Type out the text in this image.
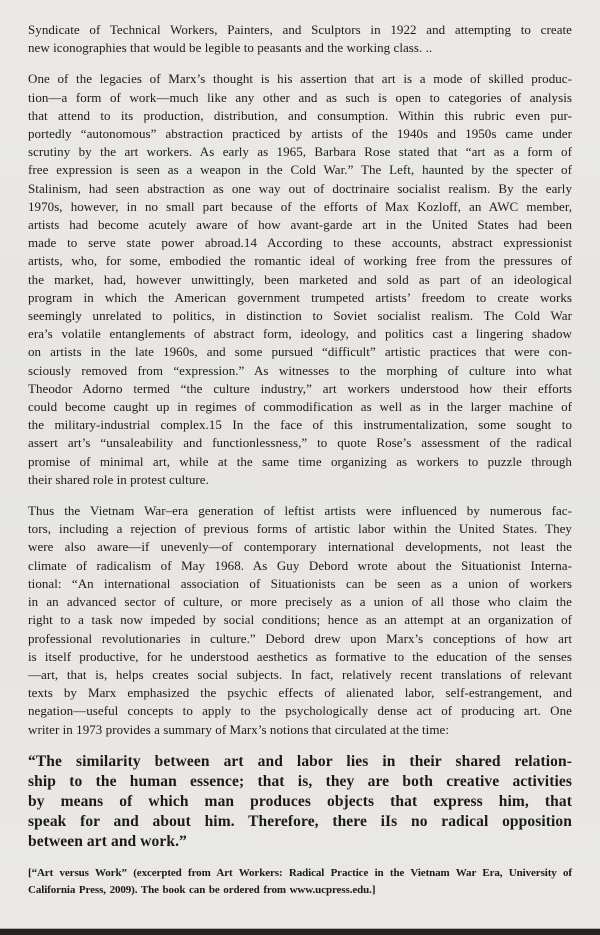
Syndicate of Technical Workers, Painters, and Sculptors in 1922 and attempting to create
new iconographies that would be legible to peasants and the working class. ..
One of the legacies of Marx’s thought is his assertion that art is a mode of skilled produc-
tion—a form of work—much like any other and as such is open to categories of analysis
that attend to its production, distribution, and consumption. Within this rubric even pur-
portedly “autonomous” abstraction practiced by artists of the 1940s and 1950s came under
scrutiny by the art workers. As early as 1965, Barbara Rose stated that “art as a form of
free expression is seen as a weapon in the Cold War.” The Left, haunted by the specter of
Stalinism, had seen abstraction as one way out of doctrinaire socialist realism. By the early
1970s, however, in no small part because of the efforts of Max Kozloff, an AWC member,
artists had become acutely aware of how avant-garde art in the United States had been
made to serve state power abroad.14 According to these accounts, abstract expressionist
artists, who, for some, embodied the romantic ideal of working free from the pressures of
the market, had, however unwittingly, been marketed and sold as part of an ideological
program in which the American government trumpeted artists’ freedom to create works
seemingly unrelated to politics, in distinction to Soviet socialist realism. The Cold War
era’s volatile entanglements of abstract form, ideology, and politics cast a lingering shadow
on artists in the late 1960s, and some pursued “difficult” artistic practices that were con-
sciously removed from “expression.” As witnesses to the morphing of culture into what
Theodor Adorno termed “the culture industry,” art workers understood how their efforts
could become caught up in regimes of commodification as well as in the larger machine of
the military-industrial complex.15 In the face of this instrumentalization, some sought to
assert art’s “unsaleability and functionlessness,” to quote Rose’s assessment of the radical
promise of minimal art, while at the same time organizing as workers to puzzle through
their shared role in protest culture.
Thus the Vietnam War–era generation of leftist artists were influenced by numerous fac-
tors, including a rejection of previous forms of artistic labor within the United States. They
were also aware—if unevenly—of contemporary international developments, not least the
climate of radicalism of May 1968. As Guy Debord wrote about the Situationist Interna-
tional: “An international association of Situationists can be seen as a union of workers
in an advanced sector of culture, or more precisely as a union of all those who claim the
right to a task now impeded by social conditions; hence as an attempt at an organization of
professional revolutionaries in culture.” Debord drew upon Marx’s conceptions of how art
is itself productive, for he understood aesthetics as formative to the education of the senses
—art, that is, helps creates social subjects. In fact, relatively recent translations of relevant
texts by Marx emphasized the psychic effects of alienated labor, self-estrangement, and
negation—useful concepts to apply to the psychologically dense act of producing art. One
writer in 1973 provides a summary of Marx’s notions that circulated at the time:
“The similarity between art and labor lies in their shared relation-
ship to the human essence; that is, they are both creative activities
by means of which man produces objects that express him, that
speak for and about him. Therefore, there iIs no radical opposition
between art and work.”
[“Art versus Work” (excerpted from Art Workers: Radical Practice in the Vietnam War Era, University of California Press, 2009). The book can be ordered from www.ucpress.edu.]
